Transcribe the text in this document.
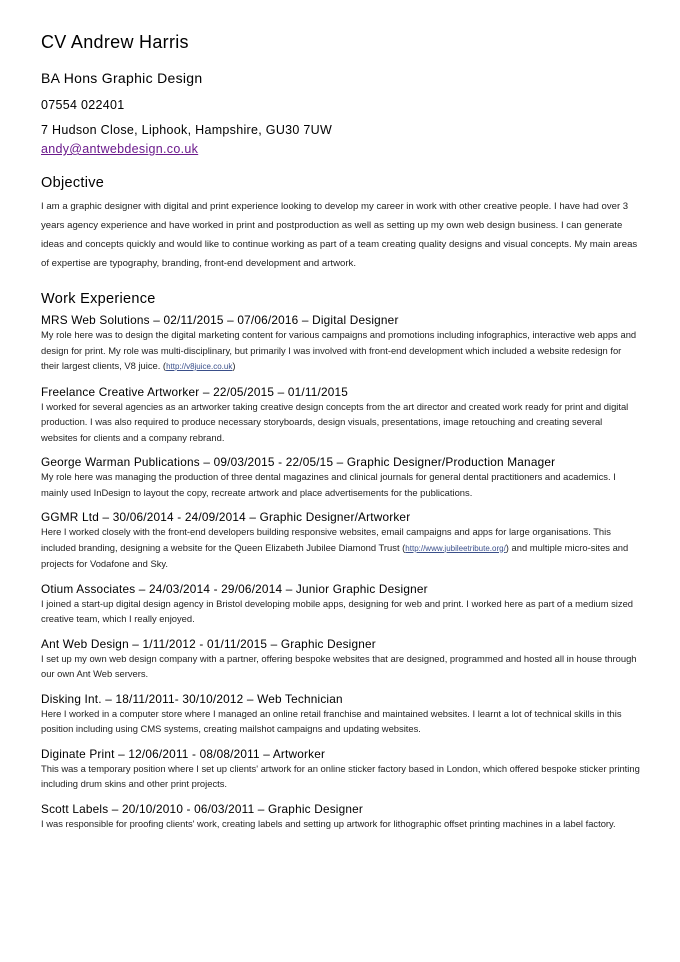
CV Andrew Harris
BA Hons Graphic Design
07554 022401
7 Hudson Close, Liphook, Hampshire, GU30 7UW
andy@antwebdesign.co.uk
Objective
I am a graphic designer with digital and print experience looking to develop my career in work with other creative people. I have had over 3 years agency experience and have worked in print and postproduction as well as setting up my own web design business. I can generate ideas and concepts quickly and would like to continue working as part of a team creating quality designs and visual concepts. My main areas of expertise are typography, branding, front-end development and artwork.
Work Experience
MRS Web Solutions – 02/11/2015 – 07/06/2016 – Digital Designer
My role here was to design the digital marketing content for various campaigns and promotions including infographics, interactive web apps and design for print. My role was multi-disciplinary, but primarily I was involved with front-end development which included a website redesign for their largest clients, V8 juice. (http://v8juice.co.uk)
Freelance Creative Artworker – 22/05/2015 – 01/11/2015
I worked for several agencies as an artworker taking creative design concepts from the art director and created work ready for print and digital production. I was also required to produce necessary storyboards, design visuals, presentations, image retouching and creating several websites for clients and a company rebrand.
George Warman Publications – 09/03/2015 - 22/05/15 – Graphic Designer/Production Manager
My role here was managing the production of three dental magazines and clinical journals for general dental practitioners and academics. I mainly used InDesign to layout the copy, recreate artwork and place advertisements for the publications.
GGMR Ltd – 30/06/2014 - 24/09/2014 – Graphic Designer/Artworker
Here I worked closely with the front-end developers building responsive websites, email campaigns and apps for large organisations. This included branding, designing a website for the Queen Elizabeth Jubilee Diamond Trust (http://www.jubileetribute.org/) and multiple micro-sites and projects for Vodafone and Sky.
Otium Associates – 24/03/2014 - 29/06/2014 – Junior Graphic Designer
I joined a start-up digital design agency in Bristol developing mobile apps, designing for web and print. I worked here as part of a medium sized creative team, which I really enjoyed.
Ant Web Design – 1/11/2012 - 01/11/2015 – Graphic Designer
I set up my own web design company with a partner, offering bespoke websites that are designed, programmed and hosted all in house through our own Ant Web servers.
Disking Int. – 18/11/2011- 30/10/2012 – Web Technician
Here I worked in a computer store where I managed an online retail franchise and maintained websites. I learnt a lot of technical skills in this position including using CMS systems, creating mailshot campaigns and updating websites.
Diginate Print – 12/06/2011 - 08/08/2011 – Artworker
This was a temporary position where I set up clients' artwork for an online sticker factory based in London, which offered bespoke sticker printing including drum skins and other print projects.
Scott Labels – 20/10/2010 - 06/03/2011 – Graphic Designer
I was responsible for proofing clients' work, creating labels and setting up artwork for lithographic offset printing machines in a label factory.
